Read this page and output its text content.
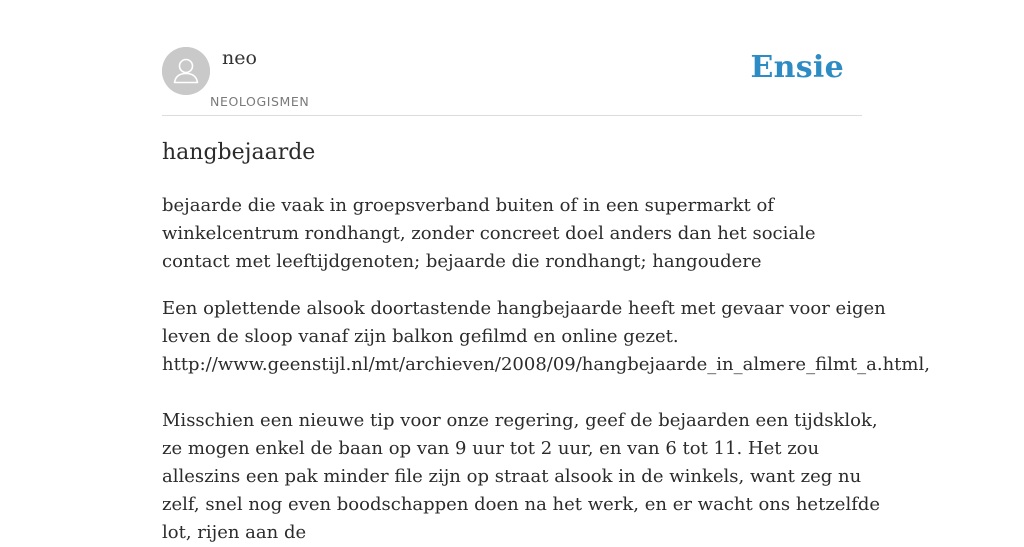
neo
NEOLOGISMEN
Ensie
hangbejaarde

bejaarde die vaak in groepsverband buiten of in een supermarkt of winkelcentrum rondhangt, zonder concreet doel anders dan het sociale contact met leeftijdgenoten; bejaarde die rondhangt; hangoudere

Een oplettende alsook doortastende hangbejaarde heeft met gevaar voor eigen leven de sloop vanaf zijn balkon gefilmd en online gezet.
http://www.geenstijl.nl/mt/archieven/2008/09/hangbejaarde_in_almere_filmt_a.html,

Misschien een nieuwe tip voor onze regering, geef de bejaarden een tijdsklok, ze mogen enkel de baan op van 9 uur tot 2 uur, en van 6 tot 11. Het zou alleszins een pak minder file zijn op straat alsook in de winkels, want zeg nu zelf, snel nog even boodschappen doen na het werk, en er wacht ons hetzelfde lot, rijen aan de
